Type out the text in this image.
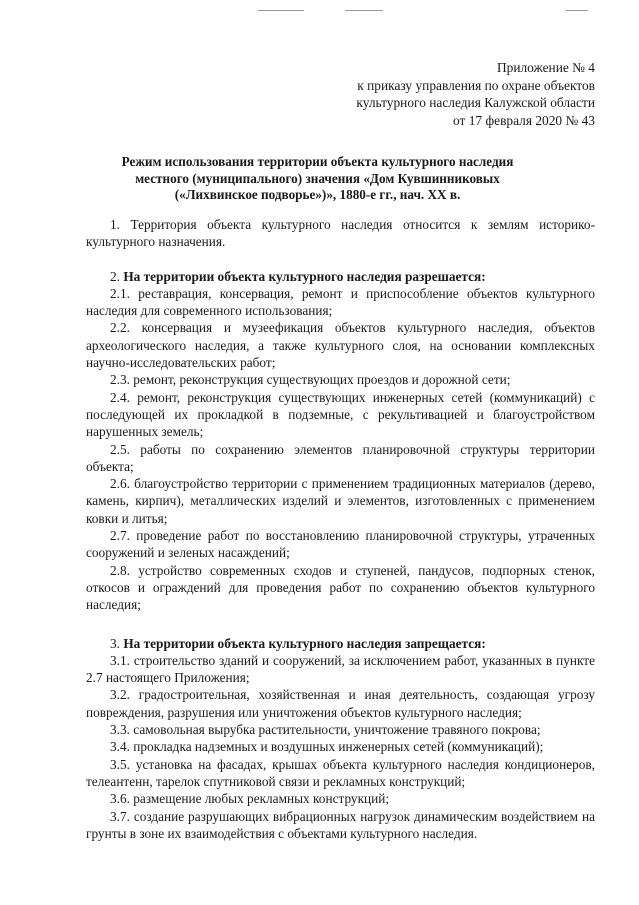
Приложение № 4
к приказу управления по охране объектов
культурного наследия Калужской области
от 17 февраля 2020 № 43
Режим использования территории объекта культурного наследия местного (муниципального) значения «Дом Кувшинниковых («Лихвинское подворье»)», 1880-е гг., нач. XX в.

1. Территория объекта культурного наследия относится к землям историко-культурного назначения.

2. На территории объекта культурного наследия разрешается:

2.1. реставрация, консервация, ремонт и приспособление объектов культурного наследия для современного использования;

2.2. консервация и музеефикация объектов культурного наследия, объектов археологического наследия, а также культурного слоя, на основании комплексных научно-исследовательских работ;

2.3. ремонт, реконструкция существующих проездов и дорожной сети;

2.4. ремонт, реконструкция существующих инженерных сетей (коммуникаций) с последующей их прокладкой в подземные, с рекультивацией и благоустройством нарушенных земель;

2.5. работы по сохранению элементов планировочной структуры территории объекта;

2.6. благоустройство территории с применением традиционных материалов (дерево, камень, кирпич), металлических изделий и элементов, изготовленных с применением ковки и литья;

2.7. проведение работ по восстановлению планировочной структуры, утраченных сооружений и зеленых насаждений;

2.8. устройство современных сходов и ступеней, пандусов, подпорных стенок, откосов и ограждений для проведения работ по сохранению объектов культурного наследия;

3. На территории объекта культурного наследия запрещается:

3.1. строительство зданий и сооружений, за исключением работ, указанных в пункте 2.7 настоящего Приложения;

3.2. градостроительная, хозяйственная и иная деятельность, создающая угрозу повреждения, разрушения или уничтожения объектов культурного наследия;

3.3. самовольная вырубка растительности, уничтожение травяного покрова;

3.4. прокладка надземных и воздушных инженерных сетей (коммуникаций);

3.5. установка на фасадах, крышах объекта культурного наследия кондиционеров, телеантенн, тарелок спутниковой связи и рекламных конструкций;

3.6. размещение любых рекламных конструкций;

3.7. создание разрушающих вибрационных нагрузок динамическим воздействием на грунты в зоне их взаимодействия с объектами культурного наследия.
